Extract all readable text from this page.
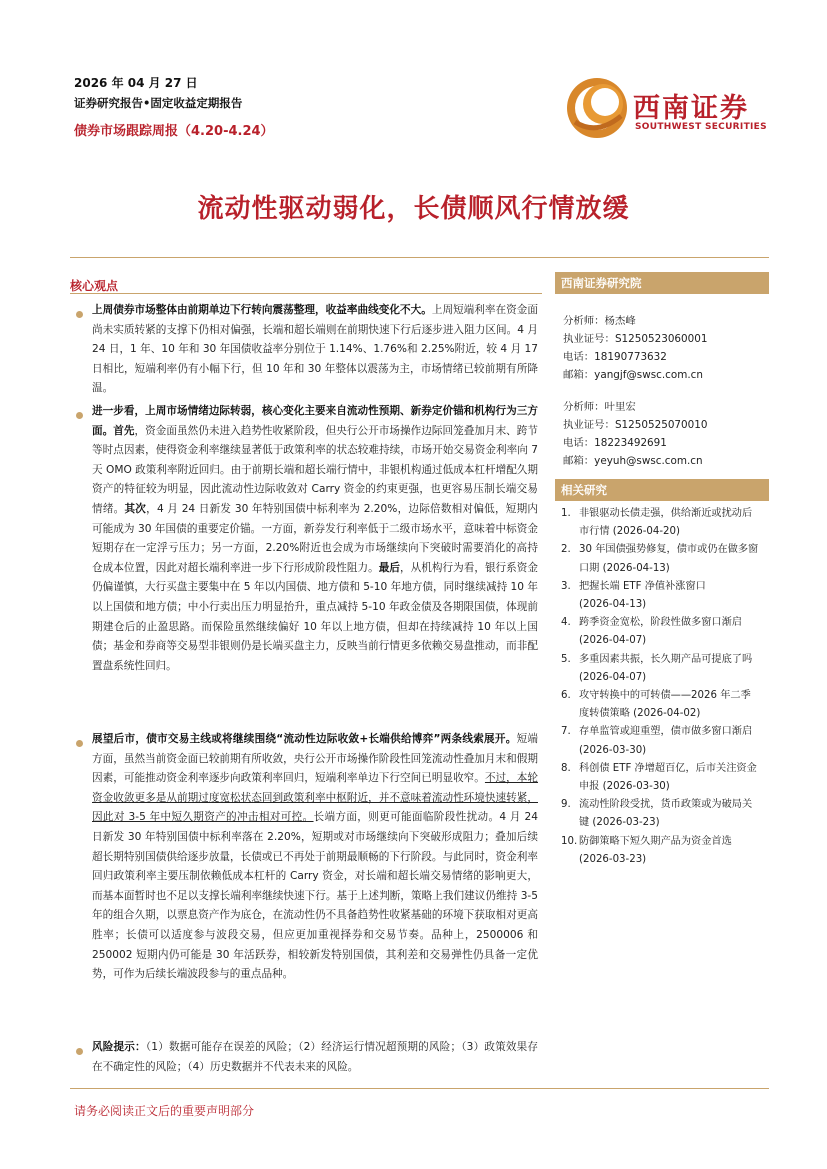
2026 年 04 月 27 日
证券研究报告•固定收益定期报告
债券市场跟踪周报（4.20-4.24）
西南证券
SOUTHWEST SECURITIES
流动性驱动弱化，长债顺风行情放缓
核心观点
上周债券市场整体由前期单边下行转向震荡整理，收益率曲线变化不大。上周短端利率在资金面尚未实质转紧的支撑下仍相对偏强，长端和超长端则在前期快速下行后逐步进入阻力区间。4 月 24 日，1 年、10 年和 30 年国债收益率分别位于 1.14%、1.76%和 2.25%附近，较 4 月 17 日相比，短端利率仍有小幅下行，但 10 年和 30 年整体以震荡为主，市场情绪已较前期有所降温。
进一步看，上周市场情绪边际转弱，核心变化主要来自流动性预期、新券定价锚和机构行为三方面。首先，资金面虽然仍未进入趋势性收紧阶段，但央行公开市场操作边际回笼叠加月末、跨节等时点因素，使得资金利率继续显著低于政策利率的状态较难持续，市场开始交易资金利率向 7 天 OMO 政策利率附近回归。由于前期长端和超长端行情中，非银机构通过低成本杠杆增配久期资产的特征较为明显，因此流动性边际收敛对 Carry 资金的约束更强，也更容易压制长端交易情绪。其次，4 月 24 日新发 30 年特别国债中标利率为 2.20%，边际倍数相对偏低，短期内可能成为 30 年国债的重要定价锚。一方面，新券发行利率低于二级市场水平，意味着中标资金短期存在一定浮亏压力；另一方面，2.20%附近也会成为市场继续向下突破时需要消化的高持仓成本位置，因此对超长端利率进一步下行形成阶段性阻力。最后，从机构行为看，银行系资金仍偏谨慎，大行买盘主要集中在 5 年以内国债、地方债和 5-10 年地方债，同时继续减持 10 年以上国债和地方债；中小行卖出压力明显抬升，重点减持 5-10 年政金债及各期限国债，体现前期建仓后的止盈思路。而保险虽然继续偏好 10 年以上地方债，但却在持续减持 10 年以上国债；基金和券商等交易型非银则仍是长端买盘主力，反映当前行情更多依赖交易盘推动，而非配置盘系统性回归。
展望后市，债市交易主线或将继续围绕“流动性边际收敛+长端供给博弈”两条线索展开。短端方面，虽然当前资金面已较前期有所收敛，央行公开市场操作阶段性回笼流动性叠加月末和假期因素，可能推动资金利率逐步向政策利率回归，短端利率单边下行空间已明显收窄。不过，本轮资金收敛更多是从前期过度宽松状态回到政策利率中枢附近，并不意味着流动性环境快速转紧，因此对 3-5 年中短久期资产的冲击相对可控。长端方面，则更可能面临阶段性扰动。4 月 24 日新发 30 年特别国债中标利率落在 2.20%，短期或对市场继续向下突破形成阻力；叠加后续超长期特别国债供给逐步放量，长债或已不再处于前期最顺畅的下行阶段。与此同时，资金利率回归政策利率主要压制依赖低成本杠杆的 Carry 资金，对长端和超长端交易情绪的影响更大，而基本面暂时也不足以支撑长端利率继续快速下行。基于上述判断，策略上我们建议仍维持 3-5 年的组合久期，以票息资产作为底仓，在流动性仍不具备趋势性收紧基础的环境下获取相对更高胜率；长债可以适度参与波段交易，但应更加重视择券和交易节奏。品种上，2500006 和 250002 短期内仍可能是 30 年活跃券，相较新发特别国债，其利差和交易弹性仍具备一定优势，可作为后续长端波段参与的重点品种。
风险提示：（1）数据可能存在误差的风险；（2）经济运行情况超预期的风险；（3）政策效果存在不确定性的风险；（4）历史数据并不代表未来的风险。
西南证券研究院
分析师：杨杰峰
执业证号：S1250523060001
电话：18190773632
邮箱：yangjf@swsc.com.cn
分析师：叶里宏
执业证号：S1250525070010
电话：18223492691
邮箱：yeyuh@swsc.com.cn
相关研究
1. 非银驱动长债走强，供给渐近或扰动后
市行情 (2026-04-20)
2. 30 年国债强势修复，债市或仍在做多窗
口期 (2026-04-13)
3. 把握长端 ETF 净值补涨窗口
(2026-04-13)
4. 跨季资金宽松，阶段性做多窗口渐启
(2026-04-07)
5. 多重因素共振，长久期产品可提底了吗
(2026-04-07)
6. 攻守转换中的可转债——2026 年二季
度转债策略 (2026-04-02)
7. 存单监管或迎重塑，债市做多窗口渐启
(2026-03-30)
8. 科创债 ETF 净增超百亿，后市关注资金
申报 (2026-03-30)
9. 流动性阶段受扰，货币政策或为破局关
键 (2026-03-23)
10. 防御策略下短久期产品为资金首选
(2026-03-23)
请务必阅读正文后的重要声明部分
